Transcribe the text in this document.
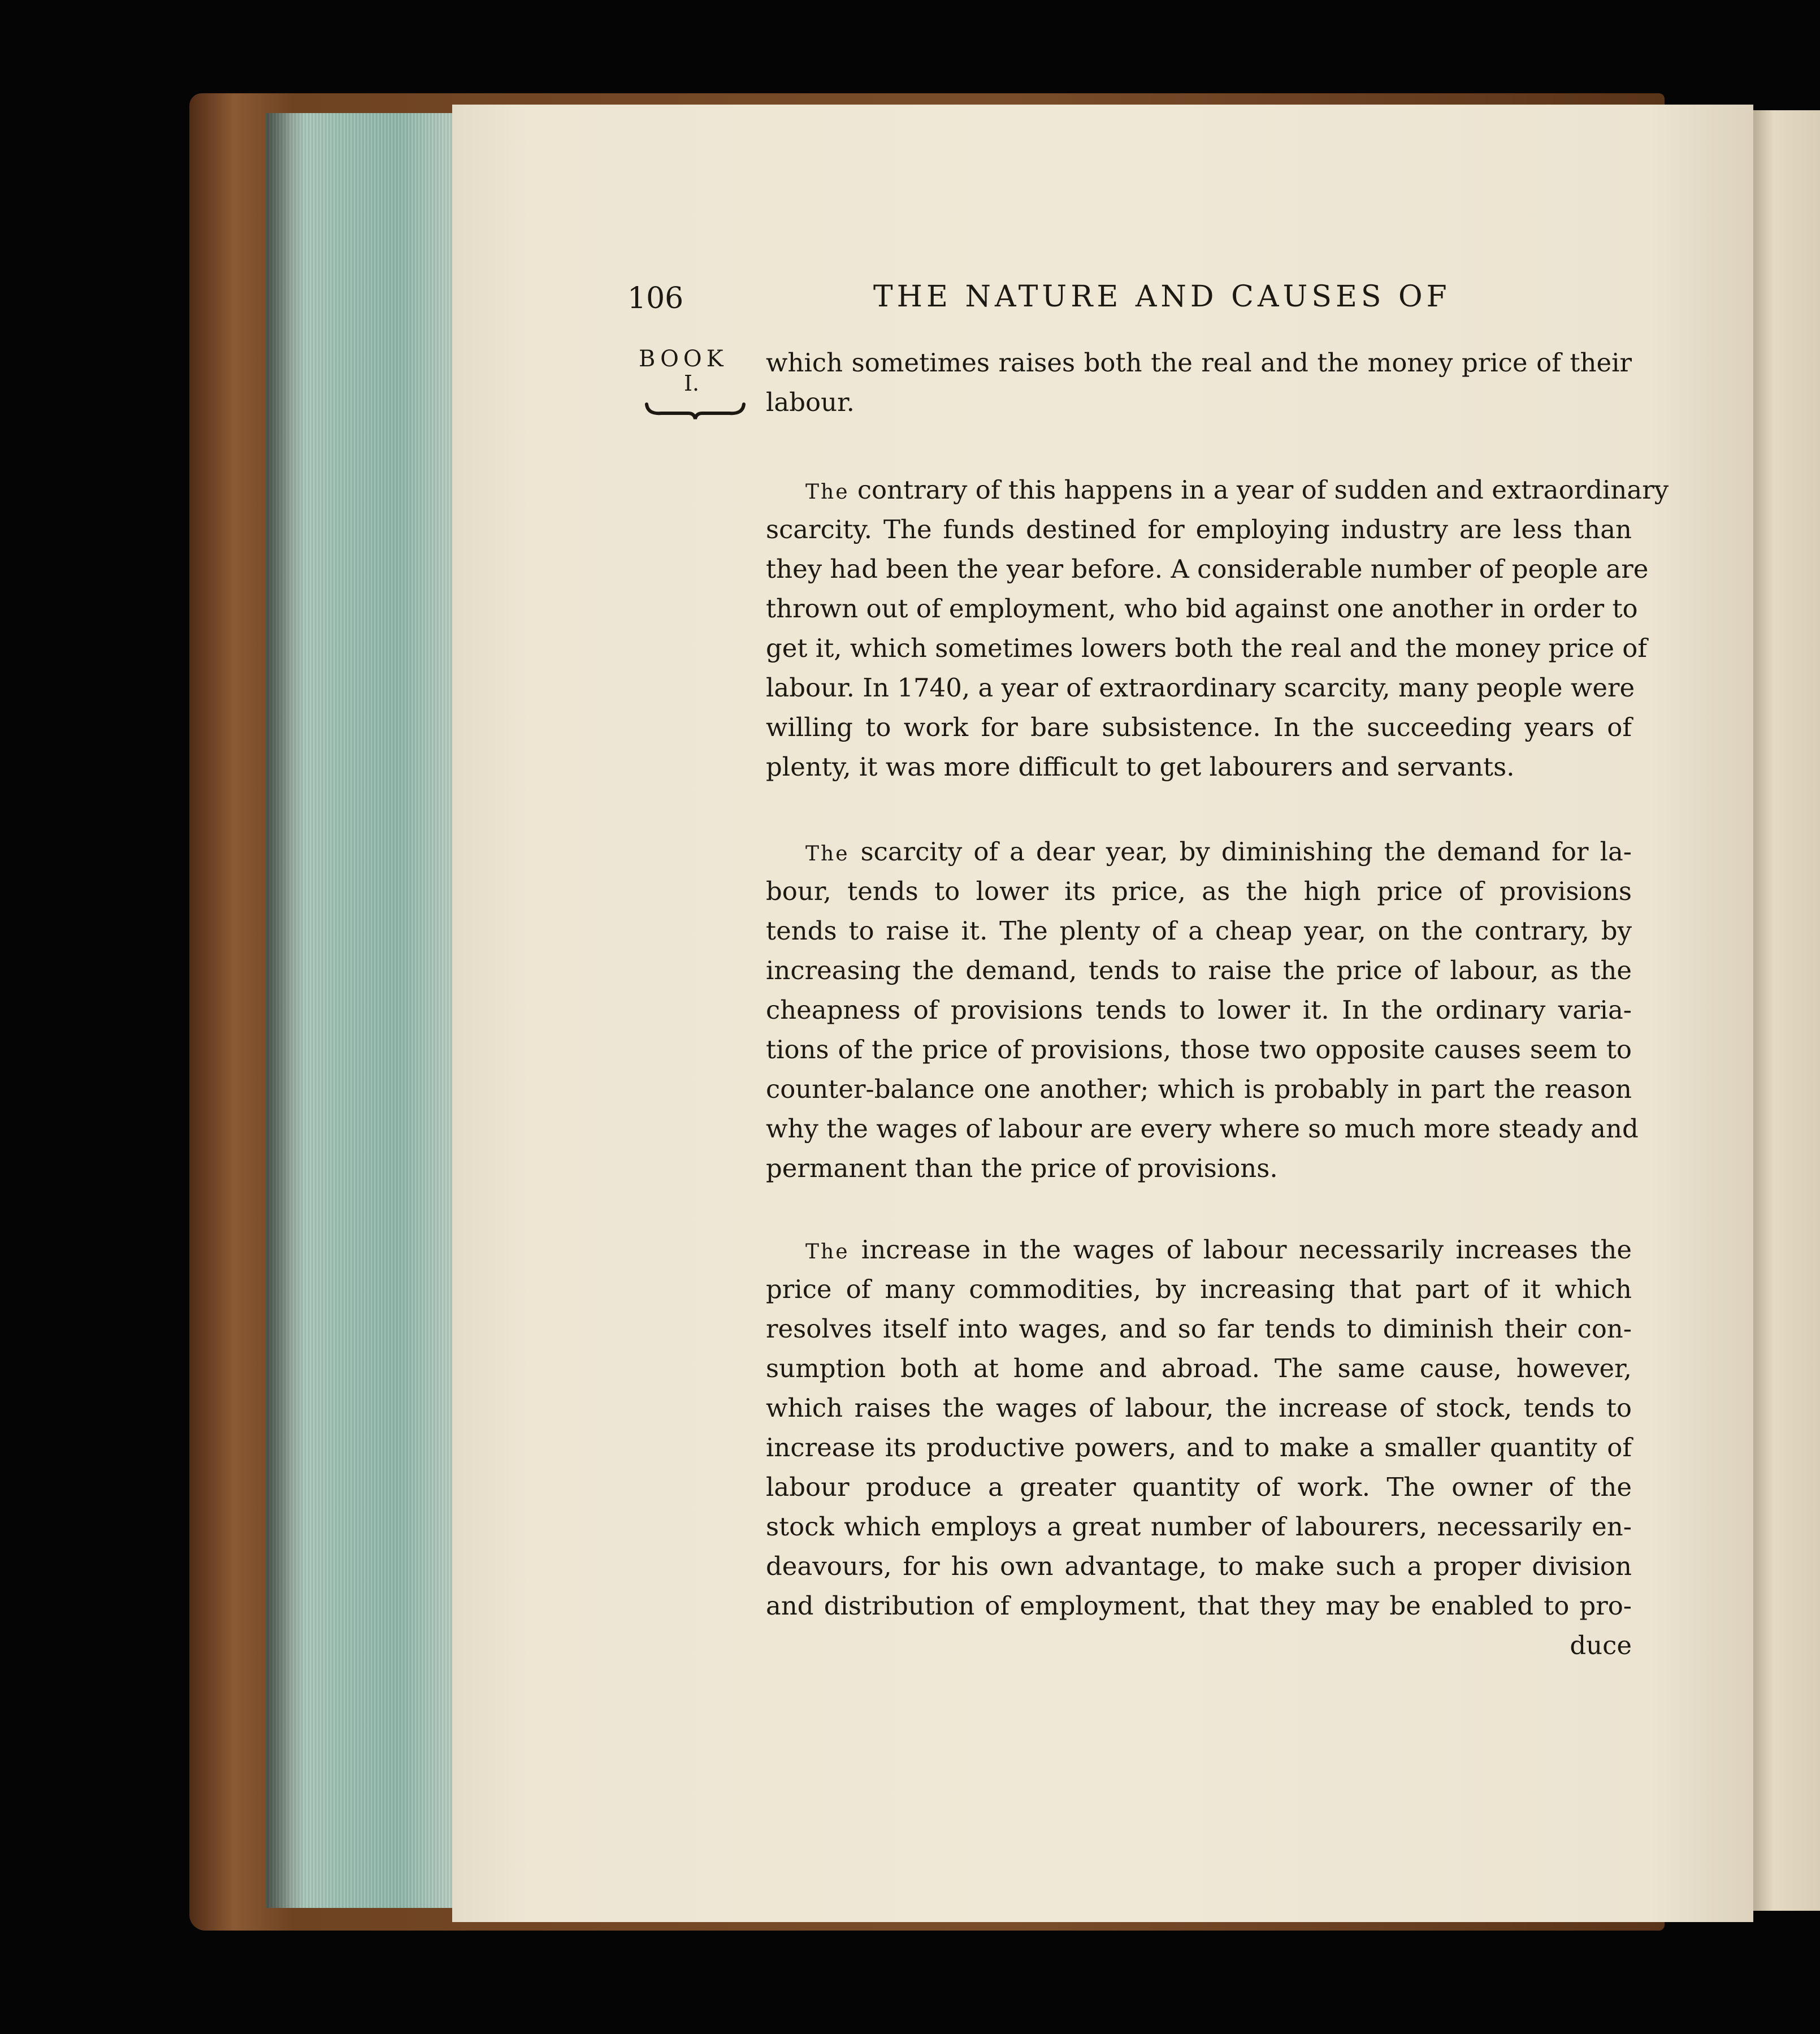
106	THE NATURE AND CAUSES OF
BOOK
I.
which sometimes raises both the real and the money price of their
labour.
The contrary of this happens in a year of sudden and extraordinary
scarcity. The funds destined for employing industry are less than
they had been the year before. A considerable number of people are
thrown out of employment, who bid against one another in order to
get it, which sometimes lowers both the real and the money price of
labour. In 1740, a year of extraordinary scarcity, many people were
willing to work for bare subsistence. In the succeeding years of
plenty, it was more difficult to get labourers and servants.
The scarcity of a dear year, by diminishing the demand for la-
bour, tends to lower its price, as the high price of provisions
tends to raise it. The plenty of a cheap year, on the contrary, by
increasing the demand, tends to raise the price of labour, as the
cheapness of provisions tends to lower it. In the ordinary varia-
tions of the price of provisions, those two opposite causes seem to
counter-balance one another; which is probably in part the reason
why the wages of labour are every where so much more steady and
permanent than the price of provisions.
The increase in the wages of labour necessarily increases the
price of many commodities, by increasing that part of it which
resolves itself into wages, and so far tends to diminish their con-
sumption both at home and abroad. The same cause, however,
which raises the wages of labour, the increase of stock, tends to
increase its productive powers, and to make a smaller quantity of
labour produce a greater quantity of work. The owner of the
stock which employs a great number of labourers, necessarily en-
deavours, for his own advantage, to make such a proper division
and distribution of employment, that they may be enabled to pro-
duce
